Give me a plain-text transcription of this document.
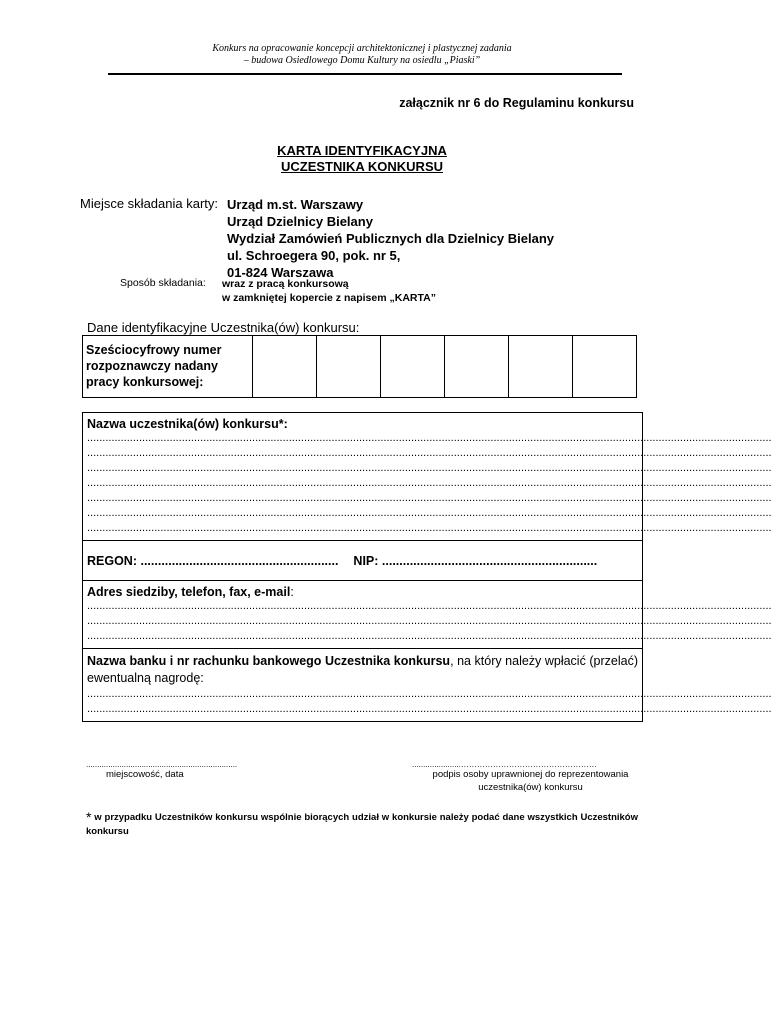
Konkurs na opracowanie koncepcji architektonicznej i plastycznej zadania
– budowa Osiedlowego Domu Kultury na osiedlu „Piaski”
załącznik nr 6 do Regulaminu konkursu
KARTA IDENTYFIKACYJNA
UCZESTNIKA KONKURSU
Miejsce składania karty: Urząd m.st. Warszawy
Urząd Dzielnicy Bielany
Wydział Zamówień Publicznych dla Dzielnicy Bielany
ul. Schroegera 90, pok. nr 5,
01-824 Warszawa
Sposób składania: wraz z pracą konkursową
w zamkniętej kopercie z napisem „KARTA”
Dane identyfikacyjne Uczestnika(ów) konkursu:
Sześciocyfrowy numer rozpoznawczy nadany pracy konkursowej:						
Nazwa uczestnika(ów) konkursu*:
................................................................................................................................................................................................................................
................................................................................................................................................................................................................................
................................................................................................................................................................................................................................
................................................................................................................................................................................................................................
................................................................................................................................................................................................................................
................................................................................................................................................................................................................................
................................................................................................................................................................................................................................
REGON: ......................................................... NIP: ..............................................................
Adres siedziby, telefon, fax, e-mail:
................................................................................................................................................................................................................................
................................................................................................................................................................................................................................
................................................................................................................................................................................................................................
Nazwa banku i nr rachunku bankowego Uczestnika konkursu, na który należy wpłacić (przelać) ewentualną nagrodę:
................................................................................................................................................................................................................................
................................................................................................................................................................................................................................
....................................................................
miejscowość, data
......................……………………………………………
podpis osoby uprawnionej do reprezentowania
uczestnika(ów) konkursu
* w przypadku Uczestników konkursu wspólnie biorących udział w konkursie należy podać dane wszystkich Uczestników konkursu
